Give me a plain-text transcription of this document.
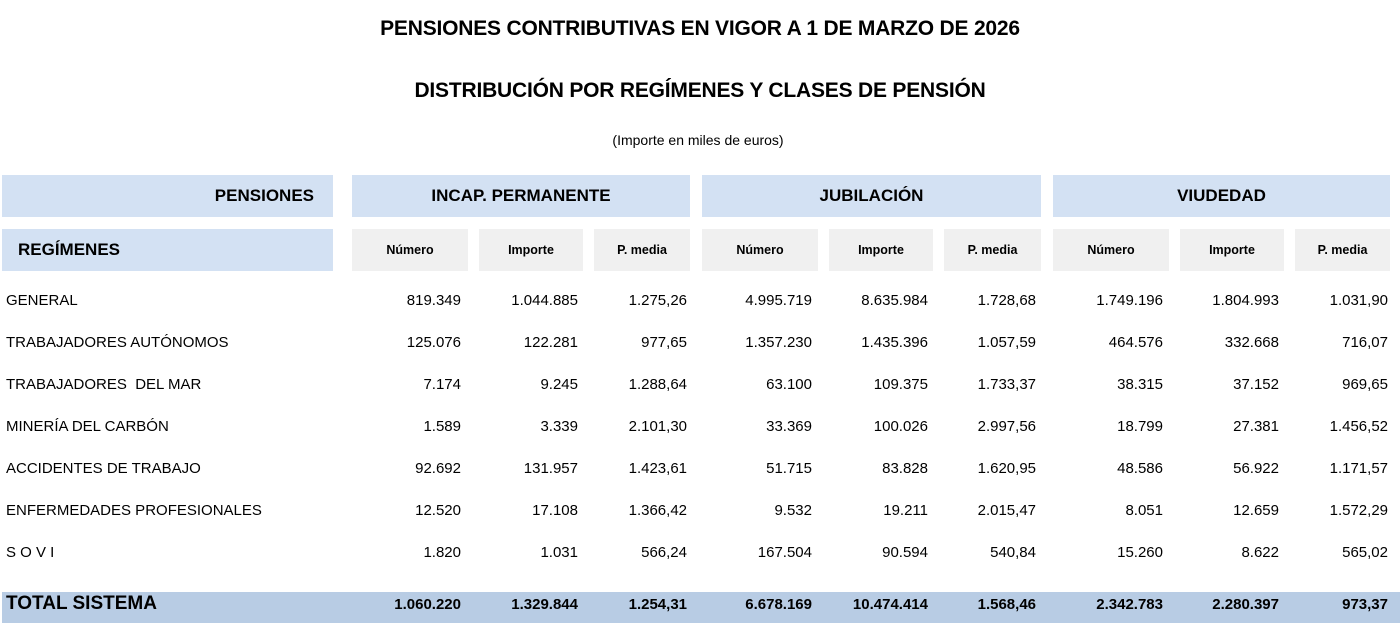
PENSIONES CONTRIBUTIVAS EN VIGOR A 1 DE MARZO DE 2026
DISTRIBUCIÓN POR REGÍMENES Y CLASES DE PENSIÓN
(Importe en miles de euros)
PENSIONES	INCAP. PERMANENTE	JUBILACIÓN	VIUDEDAD
REGÍMENES	Número	Importe	P. media	Número	Importe	P. media	Número	Importe	P. media
GENERAL	819.349	1.044.885	1.275,26	4.995.719	8.635.984	1.728,68	1.749.196	1.804.993	1.031,90
TRABAJADORES AUTÓNOMOS	125.076	122.281	977,65	1.357.230	1.435.396	1.057,59	464.576	332.668	716,07
TRABAJADORES  DEL MAR	7.174	9.245	1.288,64	63.100	109.375	1.733,37	38.315	37.152	969,65
MINERÍA DEL CARBÓN	1.589	3.339	2.101,30	33.369	100.026	2.997,56	18.799	27.381	1.456,52
ACCIDENTES DE TRABAJO	92.692	131.957	1.423,61	51.715	83.828	1.620,95	48.586	56.922	1.171,57
ENFERMEDADES PROFESIONALES	12.520	17.108	1.366,42	9.532	19.211	2.015,47	8.051	12.659	1.572,29
S O V I	1.820	1.031	566,24	167.504	90.594	540,84	15.260	8.622	565,02
TOTAL SISTEMA	1.060.220	1.329.844	1.254,31	6.678.169	10.474.414	1.568,46	2.342.783	2.280.397	973,37
